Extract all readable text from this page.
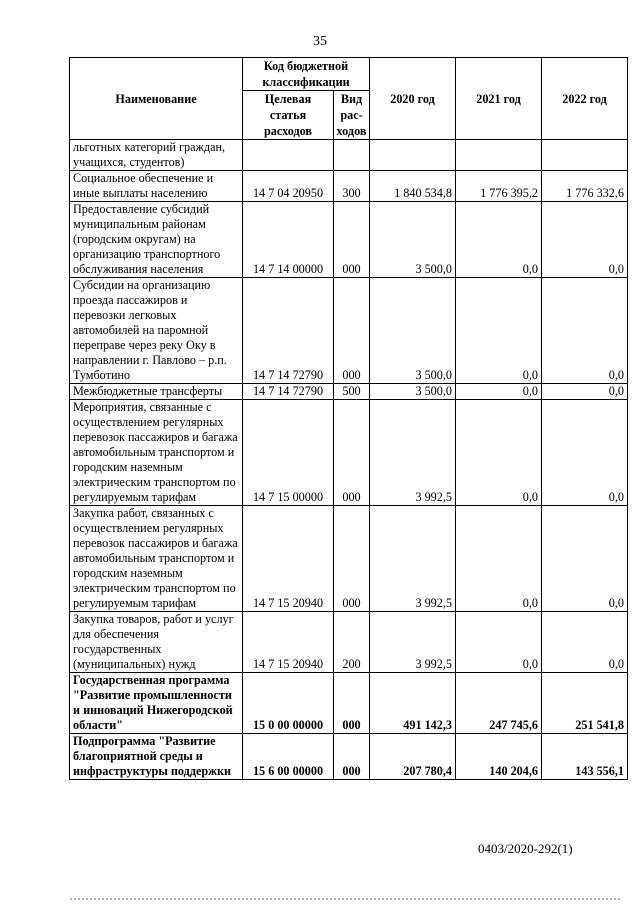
35
Наименование	Код бюджетной классификации		2020 год	2021 год	2022 год
	Целевая статья расходов	Вид рас-ходов			
льготных категорий граждан, учащихся, студентов)					
Социальное обеспечение и иные выплаты населению	14 7 04 20950	300	1 840 534,8	1 776 395,2	1 776 332,6
Предоставление субсидий муниципальным районам (городским округам) на организацию транспортного обслуживания населения	14 7 14 00000	000	3 500,0	0,0	0,0
Субсидии на организацию проезда пассажиров и перевозки легковых автомобилей на паромной переправе через реку Оку в направлении г. Павлово – р.п. Тумботино	14 7 14 72790	000	3 500,0	0,0	0,0
Межбюджетные трансферты	14 7 14 72790	500	3 500,0	0,0	0,0
Мероприятия, связанные с осуществлением регулярных перевозок пассажиров и багажа автомобильным транспортом и городским наземным электрическим транспортом по регулируемым тарифам	14 7 15 00000	000	3 992,5	0,0	0,0
Закупка работ, связанных с осуществлением регулярных перевозок пассажиров и багажа автомобильным транспортом и городским наземным электрическим транспортом по регулируемым тарифам	14 7 15 20940	000	3 992,5	0,0	0,0
Закупка товаров, работ и услуг для обеспечения государственных (муниципальных) нужд	14 7 15 20940	200	3 992,5	0,0	0,0
Государственная программа "Развитие промышленности и инноваций Нижегородской области"	15 0 00 00000	000	491 142,3	247 745,6	251 541,8
Подпрограмма "Развитие благоприятной среды и инфраструктуры поддержки	15 6 00 00000	000	207 780,4	140 204,6	143 556,1
0403/2020-292(1)
